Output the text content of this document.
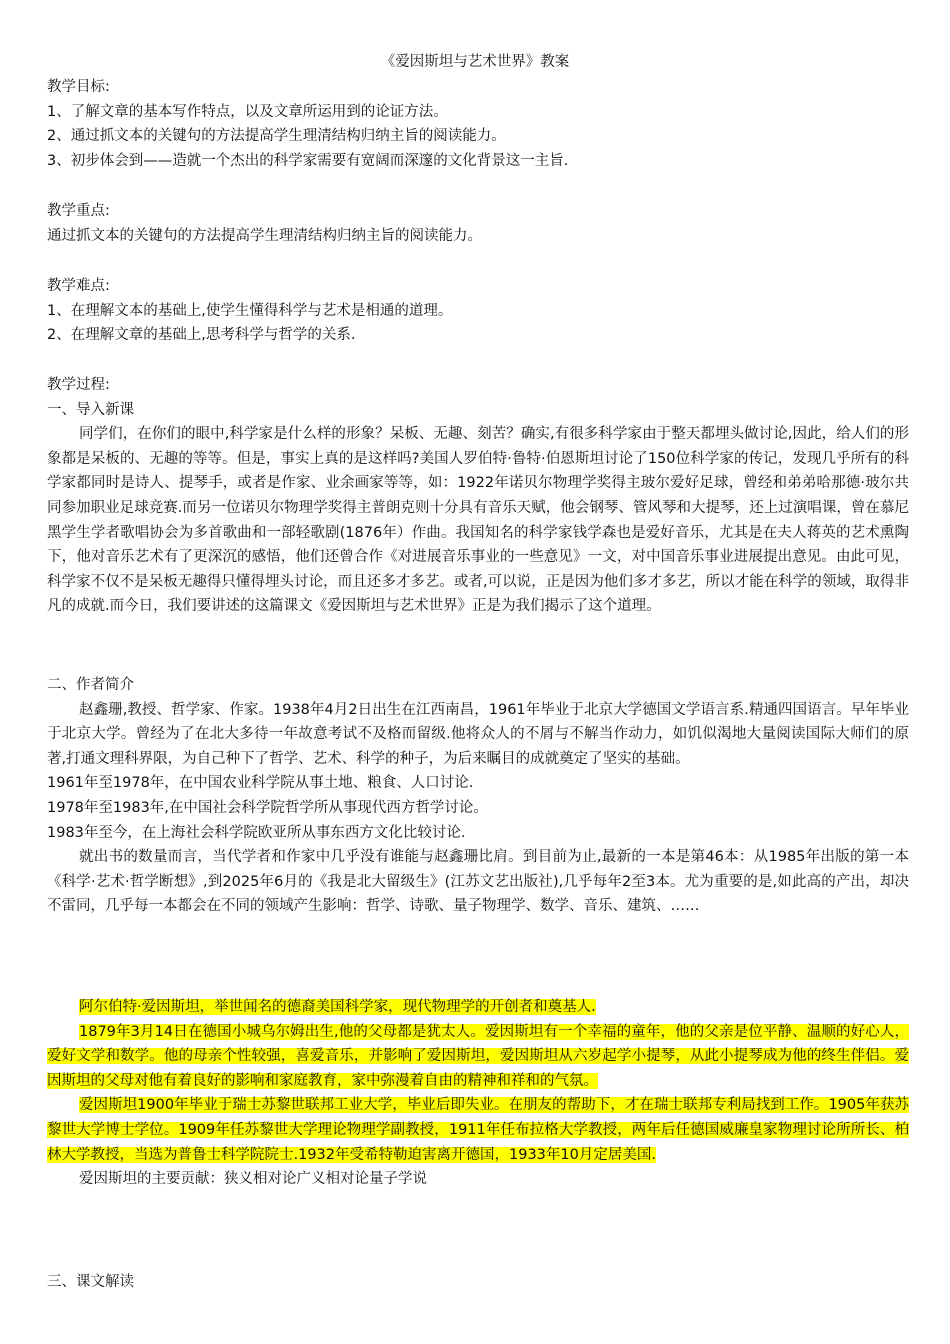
《爱因斯坦与艺术世界》教案
教学目标:
1、了解文章的基本写作特点，以及文章所运用到的论证方法。
2、通过抓文本的关键句的方法提高学生理清结构归纳主旨的阅读能力。
3、初步体会到——造就一个杰出的科学家需要有宽阔而深邃的文化背景这一主旨.
教学重点:
通过抓文本的关键句的方法提高学生理清结构归纳主旨的阅读能力。
教学难点:
1、在理解文本的基础上,使学生懂得科学与艺术是相通的道理。
2、在理解文章的基础上,思考科学与哲学的关系.
教学过程:
一、导入新课
同学们，在你们的眼中,科学家是什么样的形象？呆板、无趣、刻苦？确实,有很多科学家由于整天都埋头做讨论,因此，给人们的形象都是呆板的、无趣的等等。但是，事实上真的是这样吗?美国人罗伯特·鲁特·伯恩斯坦讨论了150位科学家的传记，发现几乎所有的科学家都同时是诗人、提琴手，或者是作家、业余画家等等，如：1922年诺贝尔物理学奖得主玻尔爱好足球，曾经和弟弟哈那德·玻尔共同参加职业足球竞赛.而另一位诺贝尔物理学奖得主普朗克则十分具有音乐天赋，他会钢琴、管风琴和大提琴，还上过演唱课，曾在慕尼黑学生学者歌唱协会为多首歌曲和一部轻歌剧(1876年）作曲。我国知名的科学家钱学森也是爱好音乐，尤其是在夫人蒋英的艺术熏陶下，他对音乐艺术有了更深沉的感悟，他们还曾合作《对进展音乐事业的一些意见》一文，对中国音乐事业进展提出意见。由此可见，科学家不仅不是呆板无趣得只懂得埋头讨论，而且还多才多艺。或者,可以说，正是因为他们多才多艺，所以才能在科学的领域，取得非凡的成就.而今日，我们要讲述的这篇课文《爱因斯坦与艺术世界》正是为我们揭示了这个道理。
二、作者简介
赵鑫珊,教授、哲学家、作家。1938年4月2日出生在江西南昌，1961年毕业于北京大学德国文学语言系.精通四国语言。早年毕业于北京大学。曾经为了在北大多待一年故意考试不及格而留级.他将众人的不屑与不解当作动力，如饥似渴地大量阅读国际大师们的原著,打通文理科界限，为自己种下了哲学、艺术、科学的种子，为后来瞩目的成就奠定了坚实的基础。
1961年至1978年，在中国农业科学院从事土地、粮食、人口讨论.
1978年至1983年,在中国社会科学院哲学所从事现代西方哲学讨论。
1983年至今，在上海社会科学院欧亚所从事东西方文化比较讨论.
就出书的数量而言，当代学者和作家中几乎没有谁能与赵鑫珊比肩。到目前为止,最新的一本是第46本：从1985年出版的第一本《科学·艺术·哲学断想》,到2025年6月的《我是北大留级生》(江苏文艺出版社),几乎每年2至3本。尤为重要的是,如此高的产出，却决不雷同，几乎每一本都会在不同的领域产生影响：哲学、诗歌、量子物理学、数学、音乐、建筑、……
阿尔伯特·爱因斯坦，举世闻名的德裔美国科学家，现代物理学的开创者和奠基人.
1879年3月14日在德国小城乌尔姆出生,他的父母都是犹太人。爱因斯坦有一个幸福的童年，他的父亲是位平静、温顺的好心人，爱好文学和数学。他的母亲个性较强，喜爱音乐，并影响了爱因斯坦，爱因斯坦从六岁起学小提琴，从此小提琴成为他的终生伴侣。爱因斯坦的父母对他有着良好的影响和家庭教育，家中弥漫着自由的精神和祥和的气氛。
爱因斯坦1900年毕业于瑞士苏黎世联邦工业大学，毕业后即失业。在朋友的帮助下，才在瑞士联邦专利局找到工作。1905年获苏黎世大学博士学位。1909年任苏黎世大学理论物理学副教授，1911年任布拉格大学教授，两年后任德国威廉皇家物理讨论所所长、柏林大学教授，当选为普鲁士科学院院士.1932年受希特勒迫害离开德国，1933年10月定居美国.
爱因斯坦的主要贡献：狭义相对论广义相对论量子学说
三、课文解读
